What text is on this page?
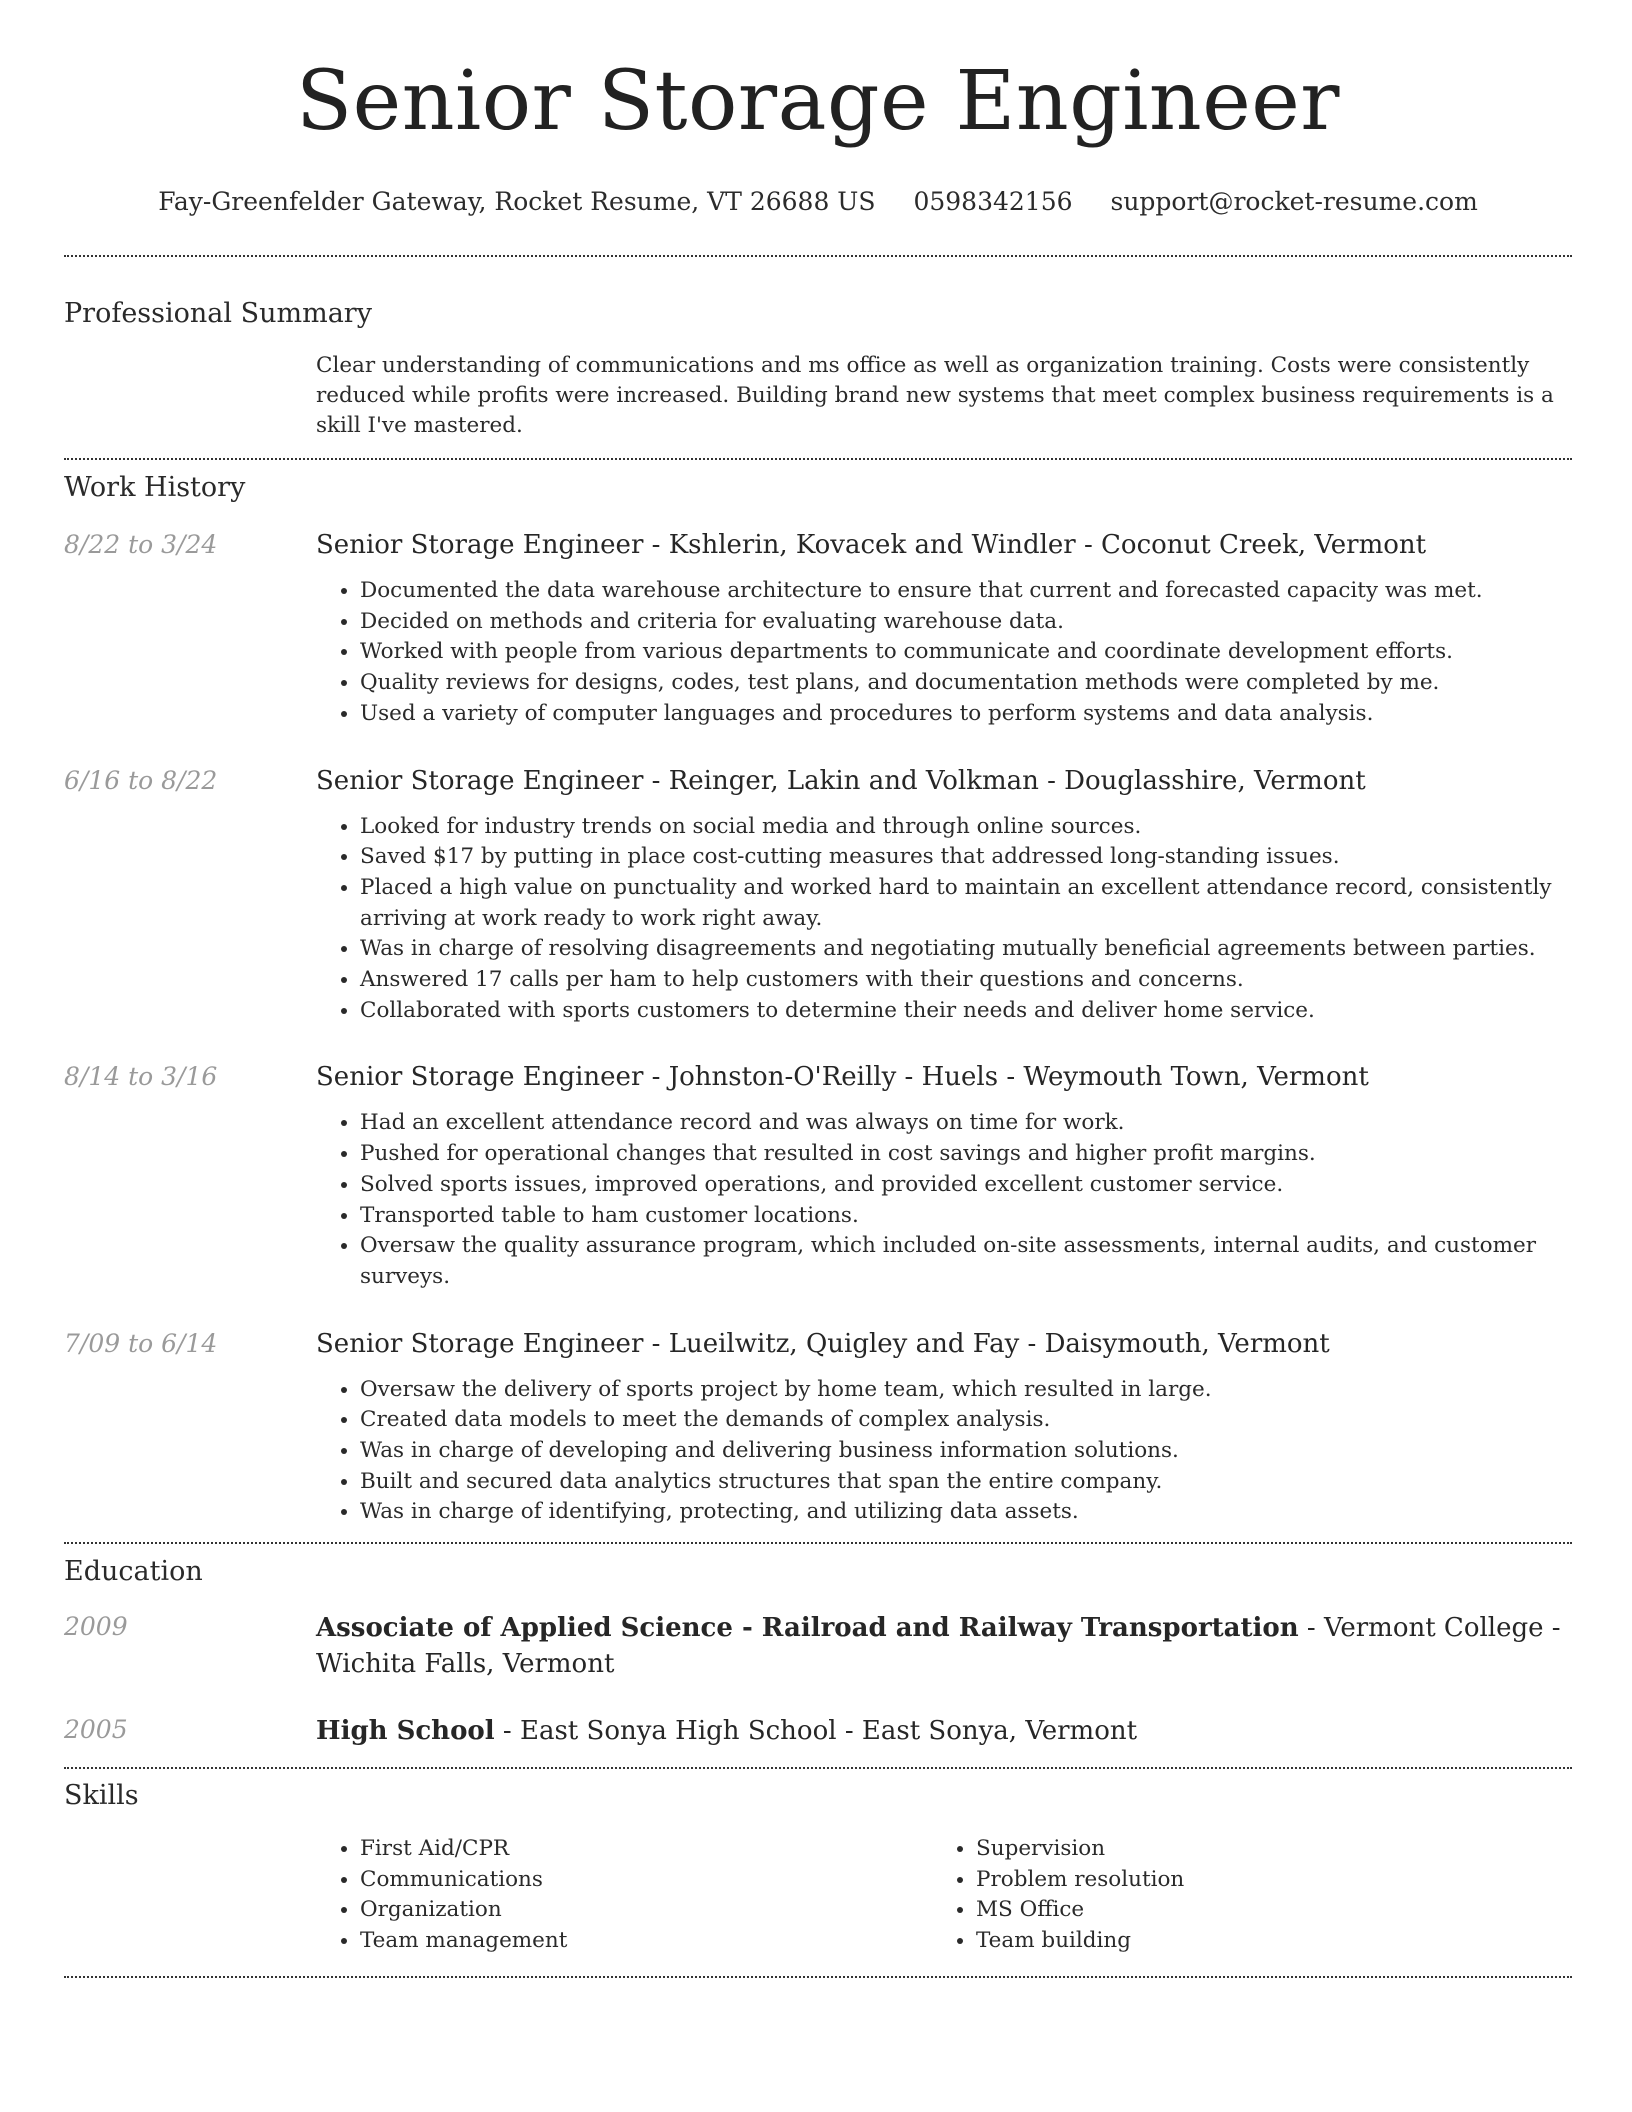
Senior Storage Engineer
Fay-Greenfelder Gateway, Rocket Resume, VT 26688 US 0598342156 support@rocket-resume.com
Professional Summary

Clear understanding of communications and ms office as well as organization training. Costs were consistently reduced while profits were increased. Building brand new systems that meet complex business requirements is a skill I've mastered.

Work History
8/22 to 3/24	Senior Storage Engineer - Kshlerin, Kovacek and Windler - Coconut Creek, Vermont

• Documented the data warehouse architecture to ensure that current and forecasted capacity was met.
• Decided on methods and criteria for evaluating warehouse data.
• Worked with people from various departments to communicate and coordinate development efforts.
• Quality reviews for designs, codes, test plans, and documentation methods were completed by me.
• Used a variety of computer languages and procedures to perform systems and data analysis.
6/16 to 8/22	Senior Storage Engineer - Reinger, Lakin and Volkman - Douglasshire, Vermont

• Looked for industry trends on social media and through online sources.
• Saved $17 by putting in place cost-cutting measures that addressed long-standing issues.
• Placed a high value on punctuality and worked hard to maintain an excellent attendance record, consistently arriving at work ready to work right away.
• Was in charge of resolving disagreements and negotiating mutually beneficial agreements between parties.
• Answered 17 calls per ham to help customers with their questions and concerns.
• Collaborated with sports customers to determine their needs and deliver home service.
8/14 to 3/16	Senior Storage Engineer - Johnston-O'Reilly - Huels - Weymouth Town, Vermont

• Had an excellent attendance record and was always on time for work.
• Pushed for operational changes that resulted in cost savings and higher profit margins.
• Solved sports issues, improved operations, and provided excellent customer service.
• Transported table to ham customer locations.
• Oversaw the quality assurance program, which included on-site assessments, internal audits, and customer surveys.
7/09 to 6/14	Senior Storage Engineer - Lueilwitz, Quigley and Fay - Daisymouth, Vermont

• Oversaw the delivery of sports project by home team, which resulted in large.
• Created data models to meet the demands of complex analysis.
• Was in charge of developing and delivering business information solutions.
• Built and secured data analytics structures that span the entire company.
• Was in charge of identifying, protecting, and utilizing data assets.
Education
2009	Associate of Applied Science - Railroad and Railway Transportation - Vermont College - Wichita Falls, Vermont

2005	High School - East Sonya High School - East Sonya, Vermont

Skills
• First Aid/CPR
• Communications
• Organization
• Team management
• Supervision
• Problem resolution
• MS Office
• Team building
